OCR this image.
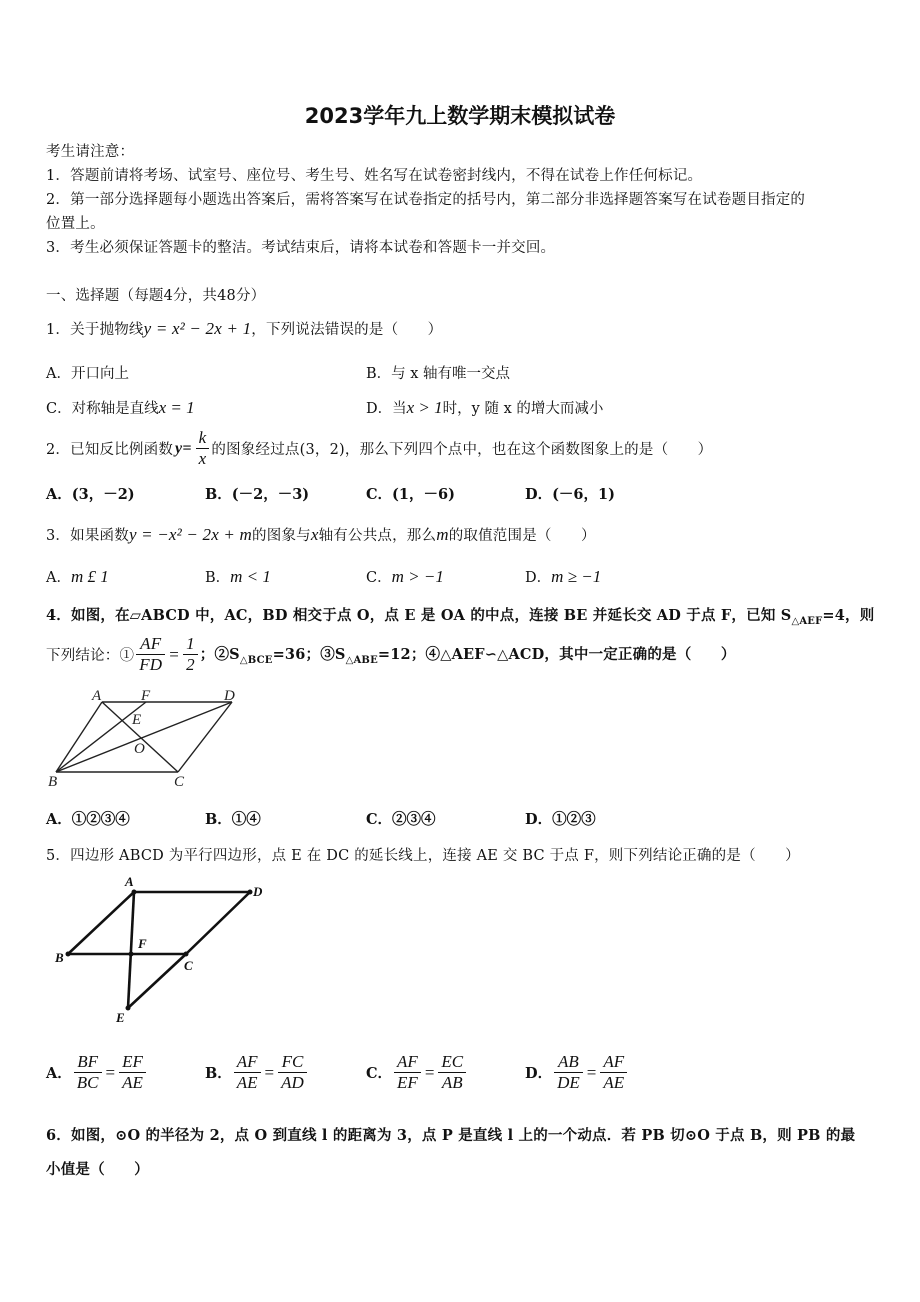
2023学年九上数学期末模拟试卷
考生请注意：
1．答题前请将考场、试室号、座位号、考生号、姓名写在试卷密封线内，不得在试卷上作任何标记。
2．第一部分选择题每小题选出答案后，需将答案写在试卷指定的括号内，第二部分非选择题答案写在试卷题目指定的
位置上。
3．考生必须保证答题卡的整洁。考试结束后，请将本试卷和答题卡一并交回。
一、选择题（每题4分，共48分）
1．关于抛物线y = x² − 2x + 1，下列说法错误的是（　　）
A．开口向上	B．与 x 轴有唯一交点
C．对称轴是直线x = 1	D．当x > 1时，y 随 x 的增大而减小
2．已知反比例函数 $y= \frac{k}{x}$ 的图象经过点(3，2)，那么下列四个点中，也在这个函数图象上的是（　　）
A．(3，－2)	B．(－2，－3)	C．(1，－6)	D．(－6，1)
3．如果函数y = −x² − 2x + m的图象与x轴有公共点，那么m的取值范围是（　　）
A．m £ 1	B．m < 1	C．m > −1	D．m ≥ −1
4．如图，在▱ABCD 中，AC，BD 相交于点 O，点 E 是 OA 的中点，连接 BE 并延长交 AD 于点 F，已知 $S_{\triangle AEF}=4$，则
下列结论：① $\frac{AF}{FD} = \frac{1}{2}$ ；$②S_{\triangle BCE}=36$；$③S_{\triangle ABE}=12$；④△AEF∽△ACD，其中一定正确的是（　　）
A	F	D
E
O
B	C
A．①②③④	B．①④	C．②③④	D．①②③
5．四边形 ABCD 为平行四边形，点 E 在 DC 的延长线上，连接 AE 交 BC 于点 F，则下列结论正确的是（　　）
A
D
B
F
C
E
A． $\frac{BF}{BC} = \frac{EF}{AE}$	B． $\frac{AF}{AE} = \frac{FC}{AD}$	C． $\frac{AF}{EF} = \frac{EC}{AB}$	D． $\frac{AB}{DE} = \frac{AF}{AE}$
6．如图，⊙O 的半径为 2，点 O 到直线 l 的距离为 3，点 P 是直线 l 上的一个动点．若 PB 切⊙O 于点 B，则 PB 的最
小值是（　　）
